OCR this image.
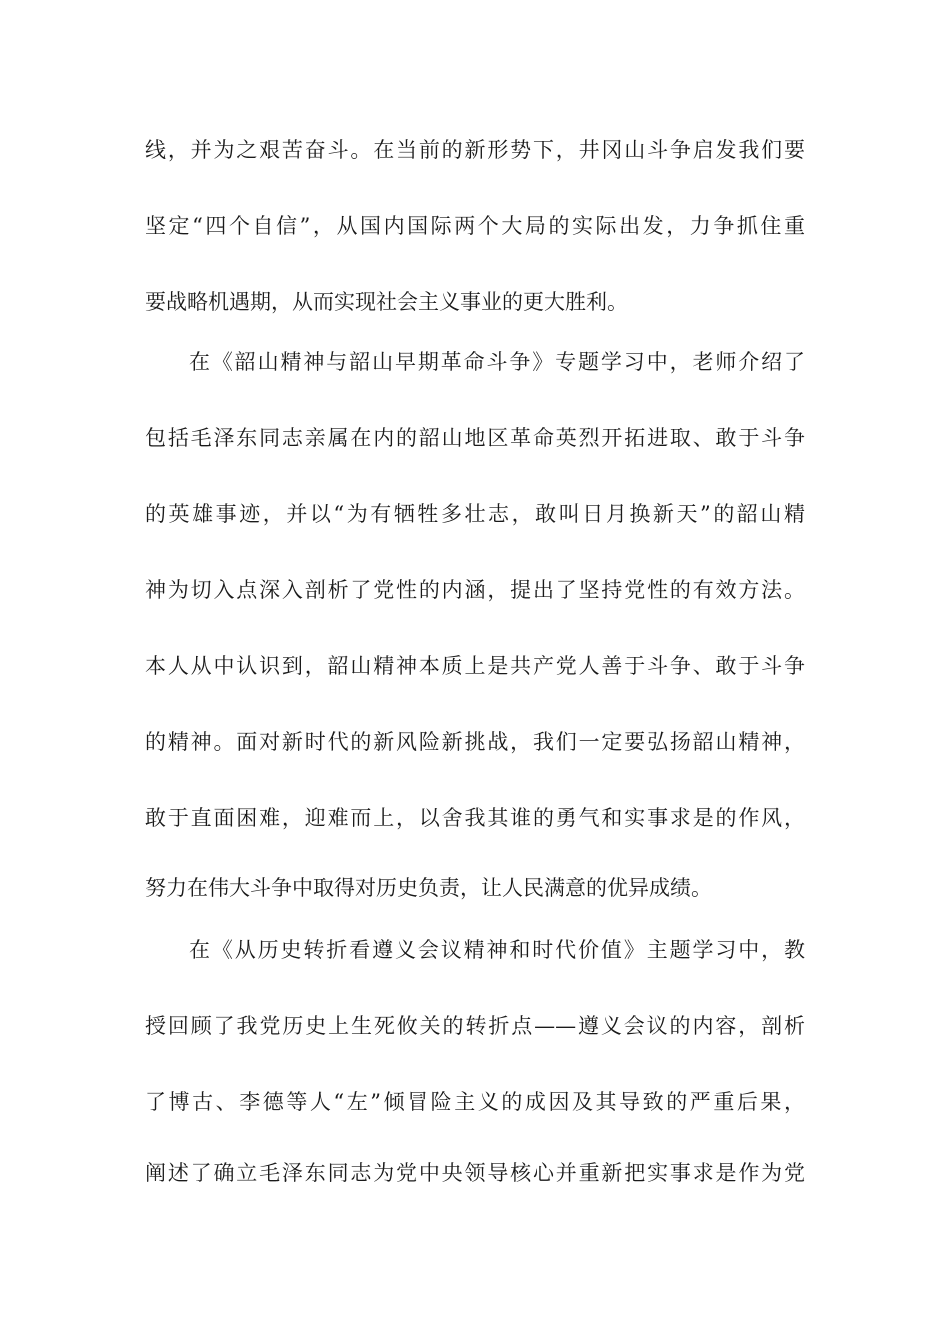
线，并为之艰苦奋斗。在当前的新形势下，井冈山斗争启发我们要
坚定“四个自信”，从国内国际两个大局的实际出发，力争抓住重
要战略机遇期，从而实现社会主义事业的更大胜利。
在《韶山精神与韶山早期革命斗争》专题学习中，老师介绍了
包括毛泽东同志亲属在内的韶山地区革命英烈开拓进取、敢于斗争
的英雄事迹，并以“为有牺牲多壮志，敢叫日月换新天”的韶山精
神为切入点深入剖析了党性的内涵，提出了坚持党性的有效方法。
本人从中认识到，韶山精神本质上是共产党人善于斗争、敢于斗争
的精神。面对新时代的新风险新挑战，我们一定要弘扬韶山精神，
敢于直面困难，迎难而上，以舍我其谁的勇气和实事求是的作风，
努力在伟大斗争中取得对历史负责，让人民满意的优异成绩。
在《从历史转折看遵义会议精神和时代价值》主题学习中，教
授回顾了我党历史上生死攸关的转折点——遵义会议的内容，剖析
了博古、李德等人“左”倾冒险主义的成因及其导致的严重后果，
阐述了确立毛泽东同志为党中央领导核心并重新把实事求是作为党
